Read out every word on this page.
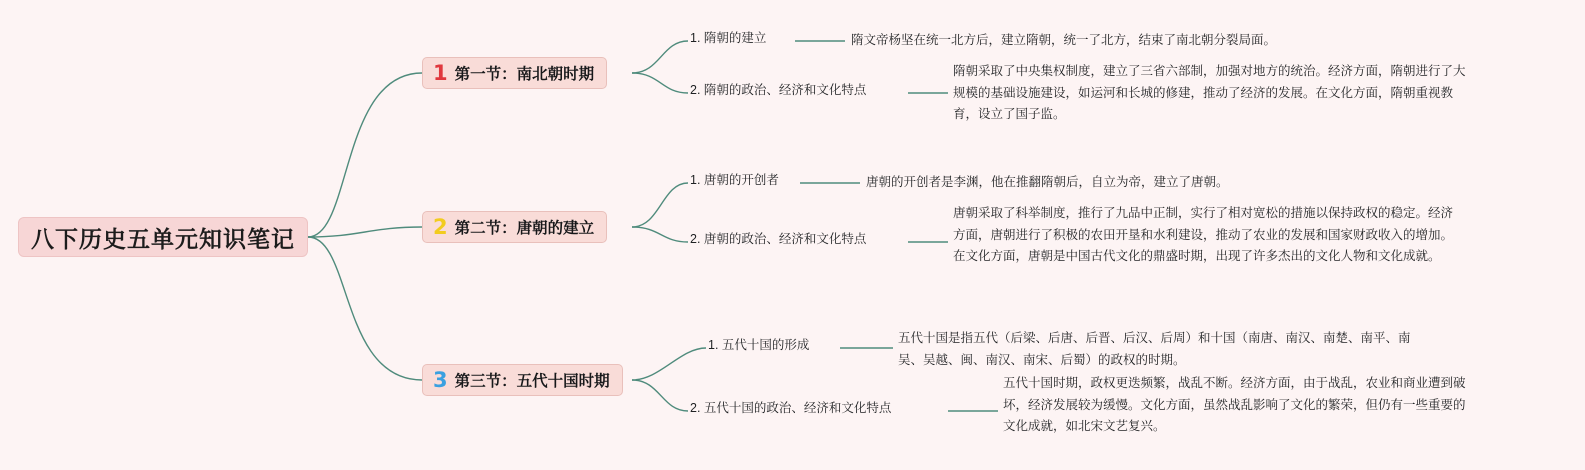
八下历史五单元知识笔记
1 第一节：南北朝时期
2 第二节：唐朝的建立
3 第三节：五代十国时期
1. 隋朝的建立
2. 隋朝的政治、经济和文化特点
1. 唐朝的开创者
2. 唐朝的政治、经济和文化特点
1. 五代十国的形成
2. 五代十国的政治、经济和文化特点
隋文帝杨坚在统一北方后，建立隋朝，统一了北方，结束了南北朝分裂局面。
隋朝采取了中央集权制度，建立了三省六部制，加强对地方的统治。经济方面，隋朝进行了大规模的基础设施建设，如运河和长城的修建，推动了经济的发展。在文化方面，隋朝重视教育，设立了国子监。
唐朝的开创者是李渊，他在推翻隋朝后，自立为帝，建立了唐朝。
唐朝采取了科举制度，推行了九品中正制，实行了相对宽松的措施以保持政权的稳定。经济方面，唐朝进行了积极的农田开垦和水利建设，推动了农业的发展和国家财政收入的增加。在文化方面，唐朝是中国古代文化的鼎盛时期，出现了许多杰出的文化人物和文化成就。
五代十国是指五代（后梁、后唐、后晋、后汉、后周）和十国（南唐、南汉、南楚、南平、南吴、吴越、闽、南汉、南宋、后蜀）的政权的时期。
五代十国时期，政权更迭频繁，战乱不断。经济方面，由于战乱，农业和商业遭到破坏，经济发展较为缓慢。文化方面，虽然战乱影响了文化的繁荣，但仍有一些重要的文化成就，如北宋文艺复兴。
